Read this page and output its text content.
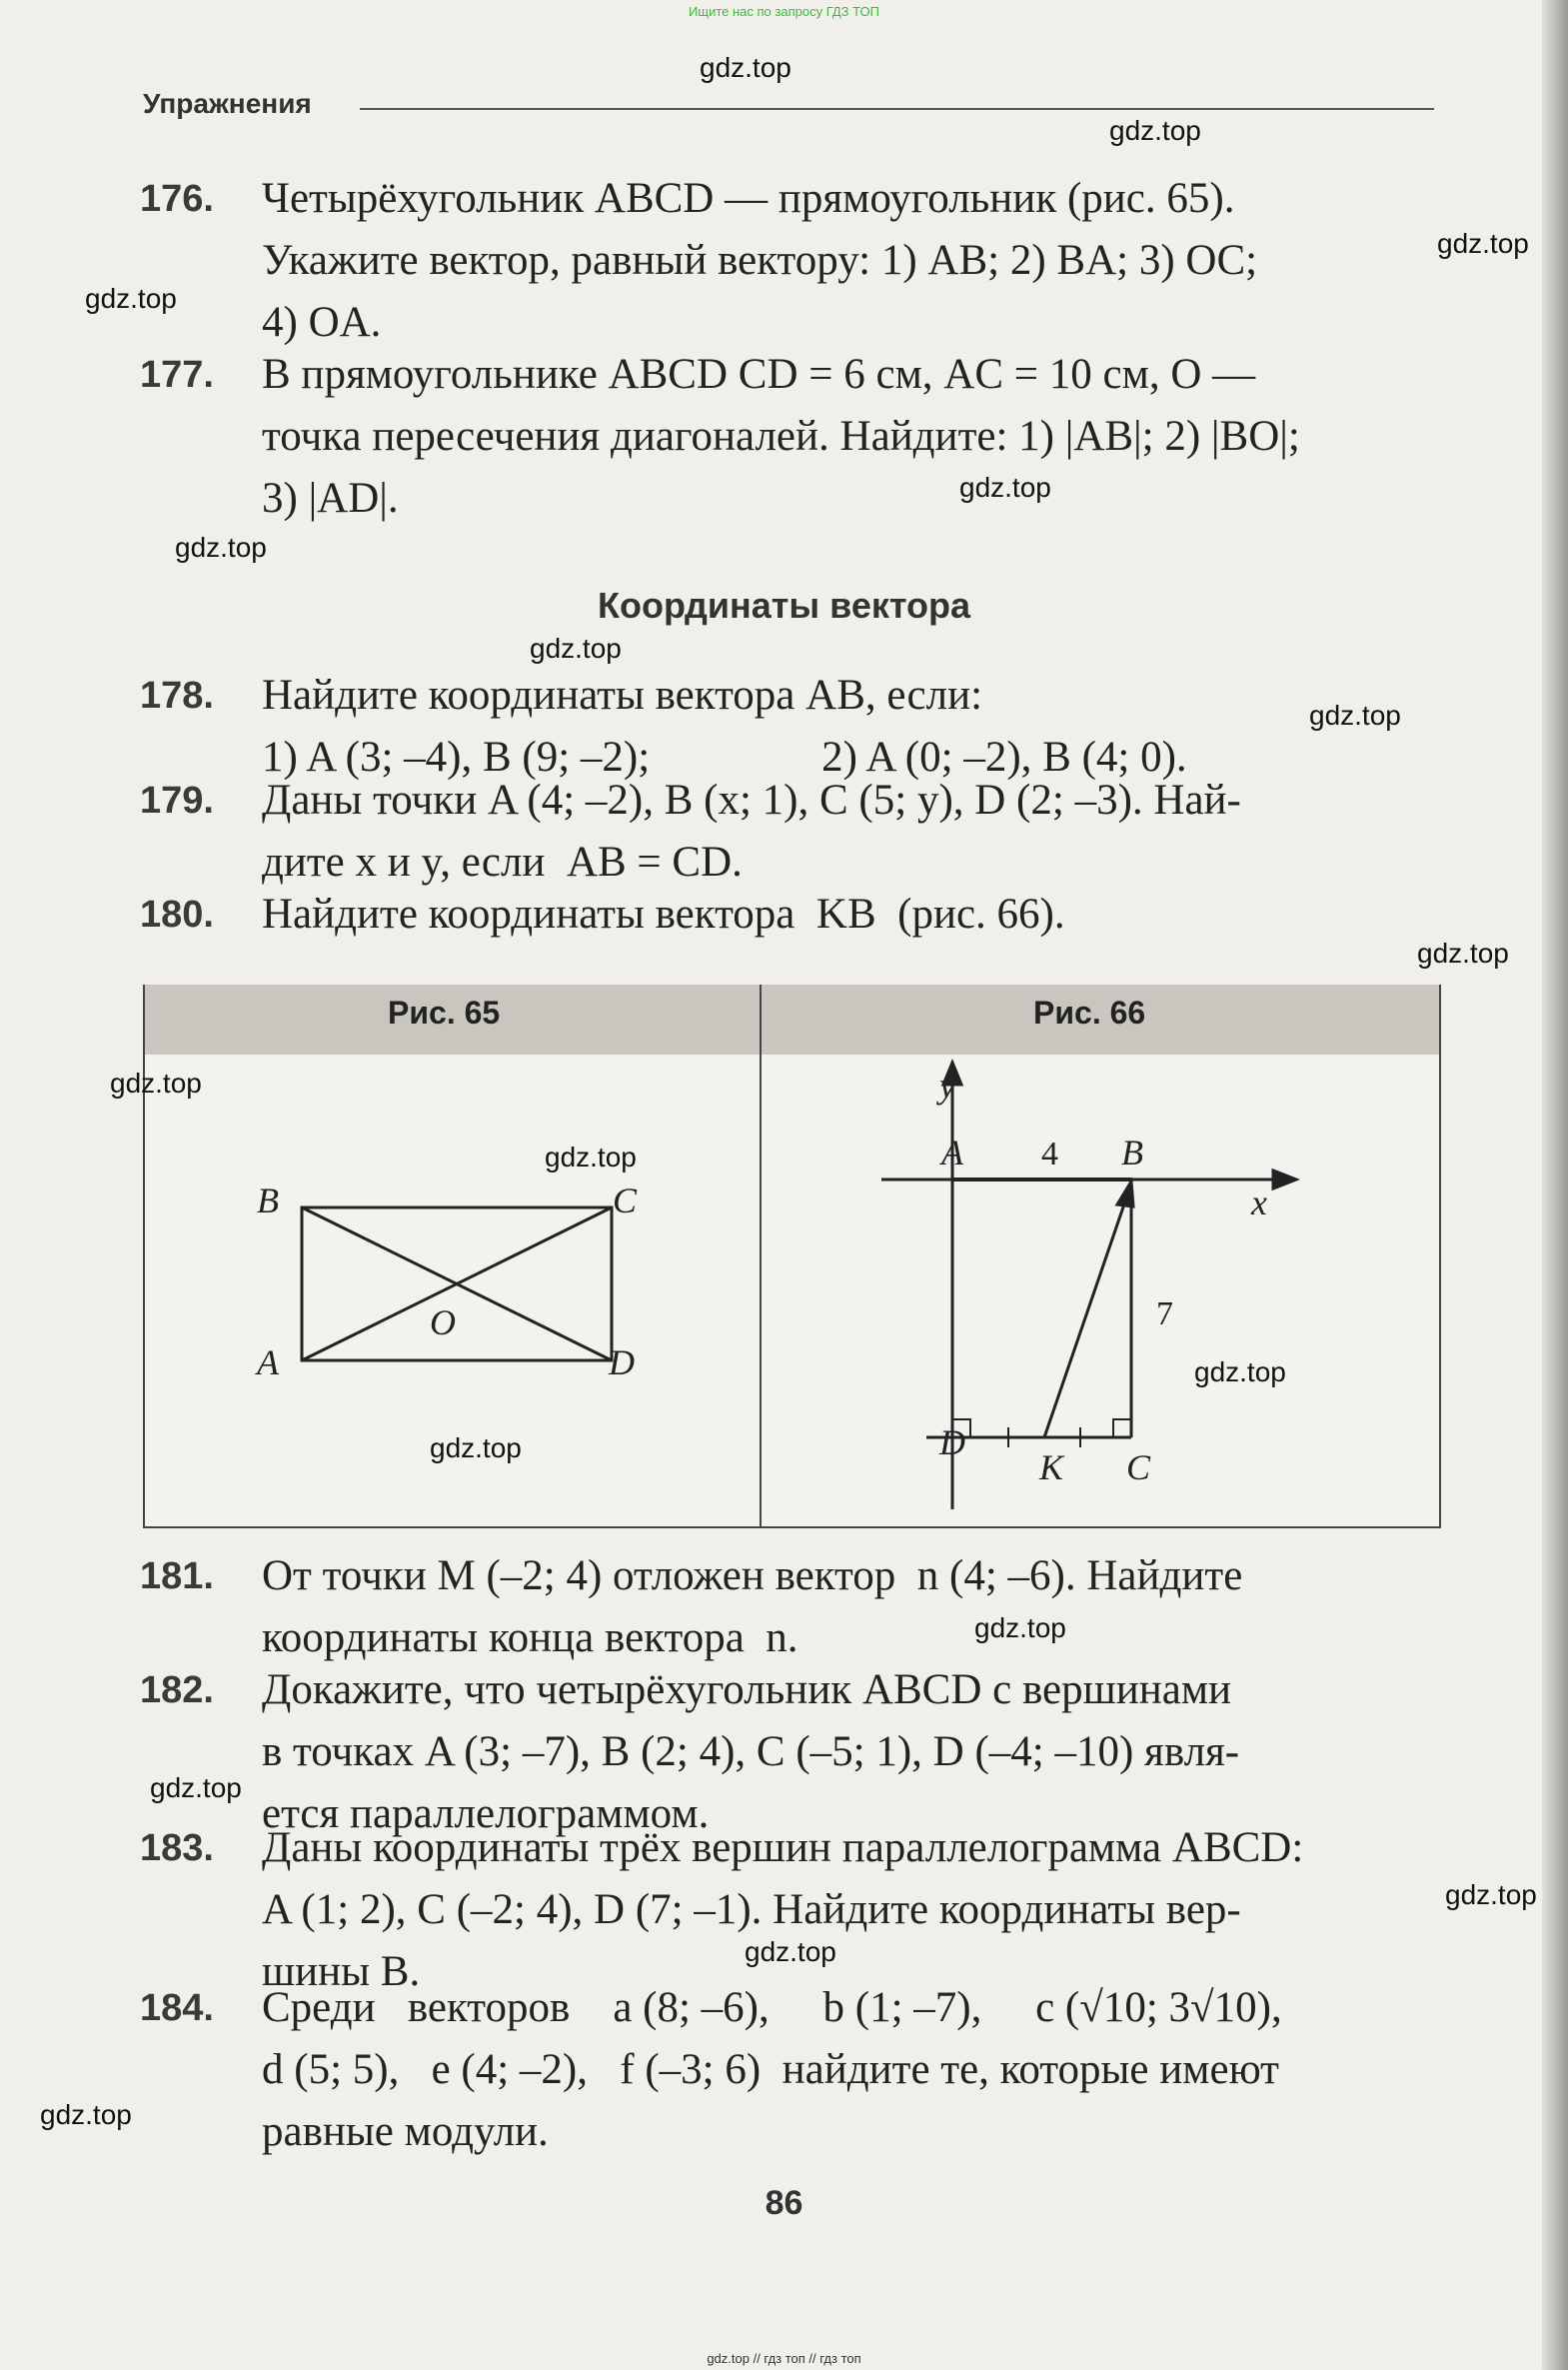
Ищите нас по запросу ГДЗ ТОП
Упражнения
176. Четырёхугольник ABCD — прямоугольник (рис. 65).
Укажите вектор, равный вектору: 1) AB; 2) BA; 3) OC;
4) OA.
177. В прямоугольнике ABCD CD = 6 см, AC = 10 см, O —
точка пересечения диагоналей. Найдите: 1) |AB|; 2) |BO|;
3) |AD|.
Координаты вектора
178. Найдите координаты вектора AB, если:
1) A (3; –4), B (9; –2);                2) A (0; –2), B (4; 0).
179. Даны точки A (4; –2), B (x; 1), C (5; y), D (2; –3). Най-
дите x и y, если  AB = CD.
180. Найдите координаты вектора  KB  (рис. 66).
Рис. 65	Рис. 66
B	C
A	D
O
y
x
A	B
D
K C
4
7
181. От точки M (–2; 4) отложен вектор  n (4; –6). Найдите
координаты конца вектора  n.
182. Докажите, что четырёхугольник ABCD с вершинами
в точках A (3; –7), B (2; 4), C (–5; 1), D (–4; –10) явля-
ется параллелограммом.
183. Даны координаты трёх вершин параллелограмма ABCD:
A (1; 2), C (–2; 4), D (7; –1). Найдите координаты вер-
шины B.
184. Среди   векторов    a (8; –6),     b (1; –7),     c (√10; 3√10),
d (5; 5),   e (4; –2),   f (–3; 6)  найдите те, которые имеют
равные модули.
86
gdz.top
gdz.top
gdz.top
gdz.top
gdz.top
gdz.top
gdz.top
gdz.top
gdz.top
gdz.top
gdz.top
gdz.top
gdz.top
gdz.top
gdz.top
gdz.top
gdz.top
gdz.top
gdz.top // гдз топ // гдз топ
